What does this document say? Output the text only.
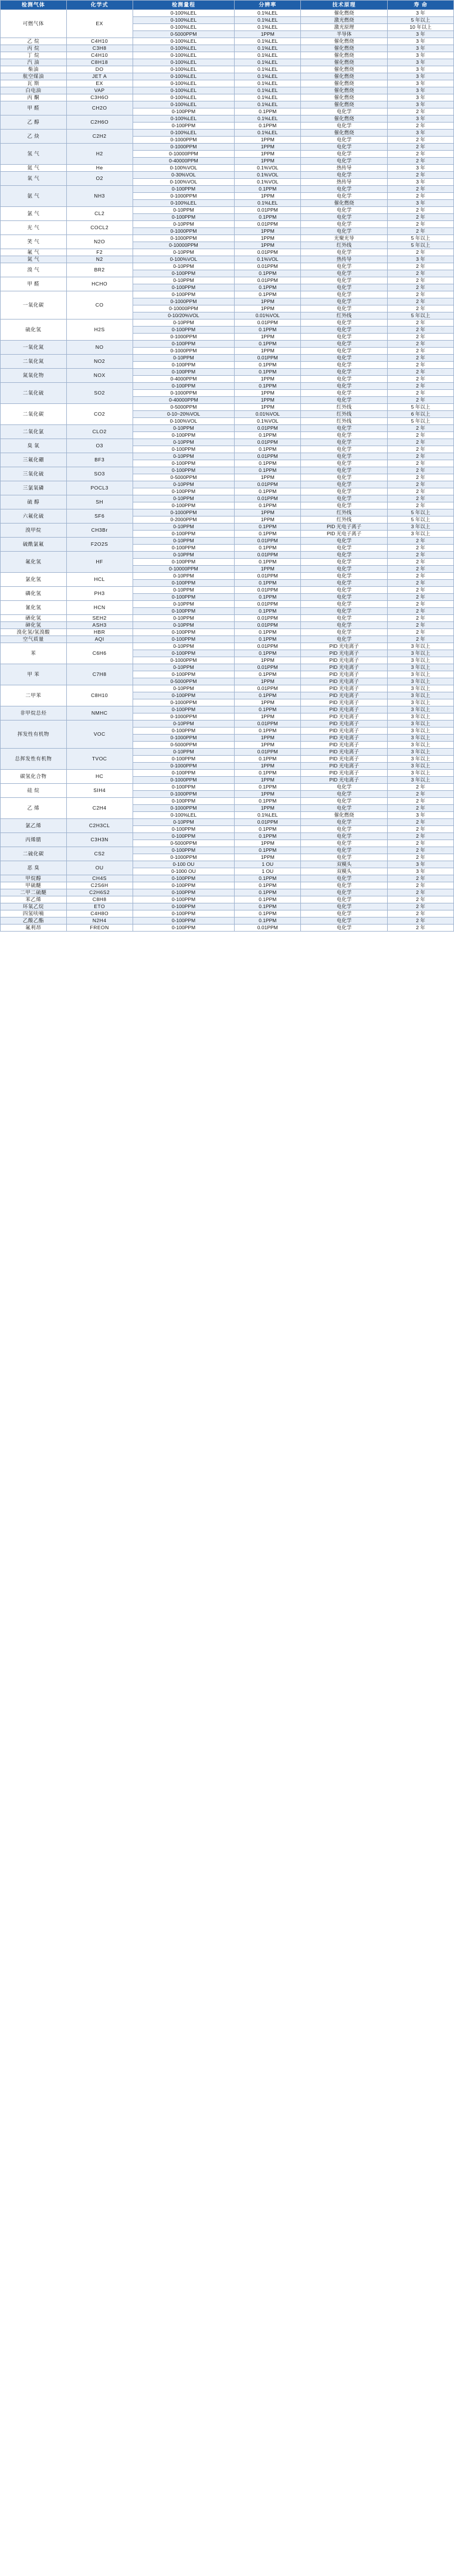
检测气体	化学式	检测量程	分辨率	技术原理	寿 命
可燃气体	EX	0-100%LEL	0.1%LEL	催化燃烧	3 年
		0-100%LEL	0.1%LEL	激光燃烧	5 年以上
		0-100%LEL	0.1%LEL	激光原理	10 年以上
		0-5000PPM	1PPM	半导体	3 年
乙 烷	C4H10	0-100%LEL	0.1%LEL	催化燃烧	3 年
丙 烷	C3H8	0-100%LEL	0.1%LEL	催化燃烧	3 年
丁 烷	C4H10	0-100%LEL	0.1%LEL	催化燃烧	3 年
汽 油	C8H18	0-100%LEL	0.1%LEL	催化燃烧	3 年
柴油	DO	0-100%LEL	0.1%LEL	催化燃烧	3 年
航空煤油	JET A	0-100%LEL	0.1%LEL	催化燃烧	3 年
瓦 斯	EX	0-100%LEL	0.1%LEL	催化燃烧	3 年
白电油	VAP	0-100%LEL	0.1%LEL	催化燃烧	3 年
丙 酮	C3H6O	0-100%LEL	0.1%LEL	催化燃烧	3 年
甲 醛	CH2O	0-100%LEL	0.1%LEL	催化燃烧	3 年
		0-100PPM	0.1PPM	电化学	2 年
乙 醇	C2H6O	0-100%LEL	0.1%LEL	催化燃烧	3 年
		0-100PPM	0.1PPM	电化学	2 年
乙 炔	C2H2	0-100%LEL	0.1%LEL	催化燃烧	3 年
		0-1000PPM	1PPM	电化学	2 年
氢 气	H2	0-1000PPM	1PPM	电化学	2 年
		0-10000PPM	1PPM	电化学	2 年
		0-40000PPM	1PPM	电化学	2 年
氦 气	He	0-100%VOL	0.1%VOL	热传导	3 年
氧 气	O2	0-30%VOL	0.1%VOL	电化学	2 年
		0-100%VOL	0.1%VOL	热传导	3 年
氨 气	NH3	0-100PPM	0.1PPM	电化学	2 年
		0-1000PPM	1PPM	电化学	2 年
		0-100%LEL	0.1%LEL	催化燃烧	3 年
氯 气	CL2	0-10PPM	0.01PPM	电化学	2 年
		0-100PPM	0.1PPM	电化学	2 年
光 气	COCL2	0-10PPM	0.01PPM	电化学	2 年
		0-1000PPM	1PPM	电化学	2 年
笑 气	N2O	0-1000PPM	1PPM	光聚光导	5 年以上
		0-10000PPM	1PPM	红外线	5 年以上
氟 气	F2	0-10PPM	0.01PPM	电化学	2 年
氮 气	N2	0-100%VOL	0.1%VOL	热传导	3 年
溴 气	BR2	0-10PPM	0.01PPM	电化学	2 年
		0-100PPM	0.1PPM	电化学	2 年
甲 醛	HCHO	0-10PPM	0.01PPM	电化学	2 年
		0-100PPM	0.1PPM	电化学	2 年
一氧化碳	CO	0-100PPM	0.1PPM	电化学	2 年
		0-1000PPM	1PPM	电化学	2 年
		0-10000PPM	1PPM	电化学	2 年
		0-10/20%VOL	0.01%VOL	红外线	5 年以上
硫化氢	H2S	0-10PPM	0.01PPM	电化学	2 年
		0-100PPM	0.1PPM	电化学	2 年
		0-1000PPM	1PPM	电化学	2 年
一氧化氮	NO	0-100PPM	0.1PPM	电化学	2 年
		0-1000PPM	1PPM	电化学	2 年
二氧化氮	NO2	0-10PPM	0.01PPM	电化学	2 年
		0-100PPM	0.1PPM	电化学	2 年
氮氧化物	NOX	0-100PPM	0.1PPM	电化学	2 年
		0-4000PPM	1PPM	电化学	2 年
二氧化硫	SO2	0-100PPM	0.1PPM	电化学	2 年
		0-1000PPM	1PPM	电化学	2 年
		0-40000PPM	1PPM	电化学	2 年
二氧化碳	CO2	0-5000PPM	1PPM	红外线	5 年以上
		0-10~20%VOL	0.01%VOL	红外线	6 年以上
		0-100%VOL	0.1%VOL	红外线	5 年以上
二氧化氯	CLO2	0-10PPM	0.01PPM	电化学	2 年
		0-100PPM	0.1PPM	电化学	2 年
臭 氧	O3	0-10PPM	0.01PPM	电化学	2 年
		0-100PPM	0.1PPM	电化学	2 年
三氟化硼	BF3	0-10PPM	0.01PPM	电化学	2 年
		0-100PPM	0.1PPM	电化学	2 年
三氧化硫	SO3	0-100PPM	0.1PPM	电化学	2 年
		0-5000PPM	1PPM	电化学	2 年
三氯氧磷	POCL3	0-10PPM	0.01PPM	电化学	2 年
		0-100PPM	0.1PPM	电化学	2 年
硫 醇	SH	0-10PPM	0.01PPM	电化学	2 年
		0-100PPM	0.1PPM	电化学	2 年
六氟化硫	SF6	0-1000PPM	1PPM	红外线	5 年以上
		0-2000PPM	1PPM	红外线	5 年以上
溴甲烷	CH3Br	0-10PPM	0.1PPM	PID 光电子离子	3 年以上
		0-100PPM	0.1PPM	PID 光电子离子	3 年以上
硫酰氯氟	F2O2S	0-10PPM	0.01PPM	电化学	2 年
		0-100PPM	0.1PPM	电化学	2 年
氟化氢	HF	0-10PPM	0.01PPM	电化学	2 年
		0-100PPM	0.1PPM	电化学	2 年
		0-10000PPM	1PPM	电化学	2 年
氯化氢	HCL	0-10PPM	0.01PPM	电化学	2 年
		0-100PPM	0.1PPM	电化学	2 年
磷化氢	PH3	0-10PPM	0.01PPM	电化学	2 年
		0-100PPM	0.1PPM	电化学	2 年
氰化氢	HCN	0-10PPM	0.01PPM	电化学	2 年
		0-100PPM	0.1PPM	电化学	2 年
硒化氢	SEH2	0-10PPM	0.01PPM	电化学	2 年
砷化氢	ASH3	0-10PPM	0.01PPM	电化学	2 年
溴化氢/氢溴酸	HBR	0-100PPM	0.1PPM	电化学	2 年
空气质量	AQI	0-100PPM	0.1PPM	电化学	2 年
苯	C6H6	0-10PPM	0.01PPM	PID 光电离子	3 年以上
		0-100PPM	0.1PPM	PID 光电离子	3 年以上
		0-1000PPM	1PPM	PID 光电离子	3 年以上
甲 苯	C7H8	0-10PPM	0.01PPM	PID 光电离子	3 年以上
		0-100PPM	0.1PPM	PID 光电离子	3 年以上
		0-5000PPM	1PPM	PID 光电离子	3 年以上
二甲苯	C8H10	0-10PPM	0.01PPM	PID 光电离子	3 年以上
		0-100PPM	0.1PPM	PID 光电离子	3 年以上
		0-1000PPM	1PPM	PID 光电离子	3 年以上
非甲烷总烃	NMHC	0-100PPM	0.1PPM	PID 光电离子	3 年以上
		0-1000PPM	1PPM	PID 光电离子	3 年以上
挥发性有机物	VOC	0-10PPM	0.01PPM	PID 光电离子	3 年以上
		0-100PPM	0.1PPM	PID 光电离子	3 年以上
		0-1000PPM	1PPM	PID 光电离子	3 年以上
		0-5000PPM	1PPM	PID 光电离子	3 年以上
总挥发性有机物	TVOC	0-10PPM	0.01PPM	PID 光电离子	3 年以上
		0-100PPM	0.1PPM	PID 光电离子	3 年以上
		0-1000PPM	1PPM	PID 光电离子	3 年以上
碳氢化合物	HC	0-100PPM	0.1PPM	PID 光电离子	3 年以上
		0-1000PPM	1PPM	PID 光电离子	3 年以上
硅 烷	SIH4	0-100PPM	0.1PPM	电化学	2 年
		0-1000PPM	1PPM	电化学	2 年
乙 烯	C2H4	0-100PPM	0.1PPM	电化学	2 年
		0-1000PPM	1PPM	电化学	2 年
		0-100%LEL	0.1%LEL	催化燃烧	3 年
氯乙烯	C2H3CL	0-10PPM	0.01PPM	电化学	2 年
		0-100PPM	0.1PPM	电化学	2 年
丙烯腈	C3H3N	0-100PPM	0.1PPM	电化学	2 年
		0-5000PPM	1PPM	电化学	2 年
二硫化碳	CS2	0-100PPM	0.1PPM	电化学	2 年
		0-1000PPM	1PPM	电化学	2 年
恶 臭	OU	0-100 OU	1 OU	双模头	3 年
		0-1000 OU	1 OU	双模头	3 年
甲烷醇	CH4S	0-100PPM	0.1PPM	电化学	2 年
甲硫醚	C2S6H	0-100PPM	0.1PPM	电化学	2 年
二甲二硫醚	C2H6S2	0-100PPM	0.1PPM	电化学	2 年
苯乙烯	C8H8	0-100PPM	0.1PPM	电化学	2 年
环氧乙烷	ETO	0-100PPM	0.1PPM	电化学	2 年
四氢呋喃	C4H8O	0-100PPM	0.1PPM	电化学	2 年
乙酸乙酯	N2H4	0-100PPM	0.1PPM	电化学	2 年
氟利昂	FREON	0-100PPM	0.01PPM	电化学	2 年
